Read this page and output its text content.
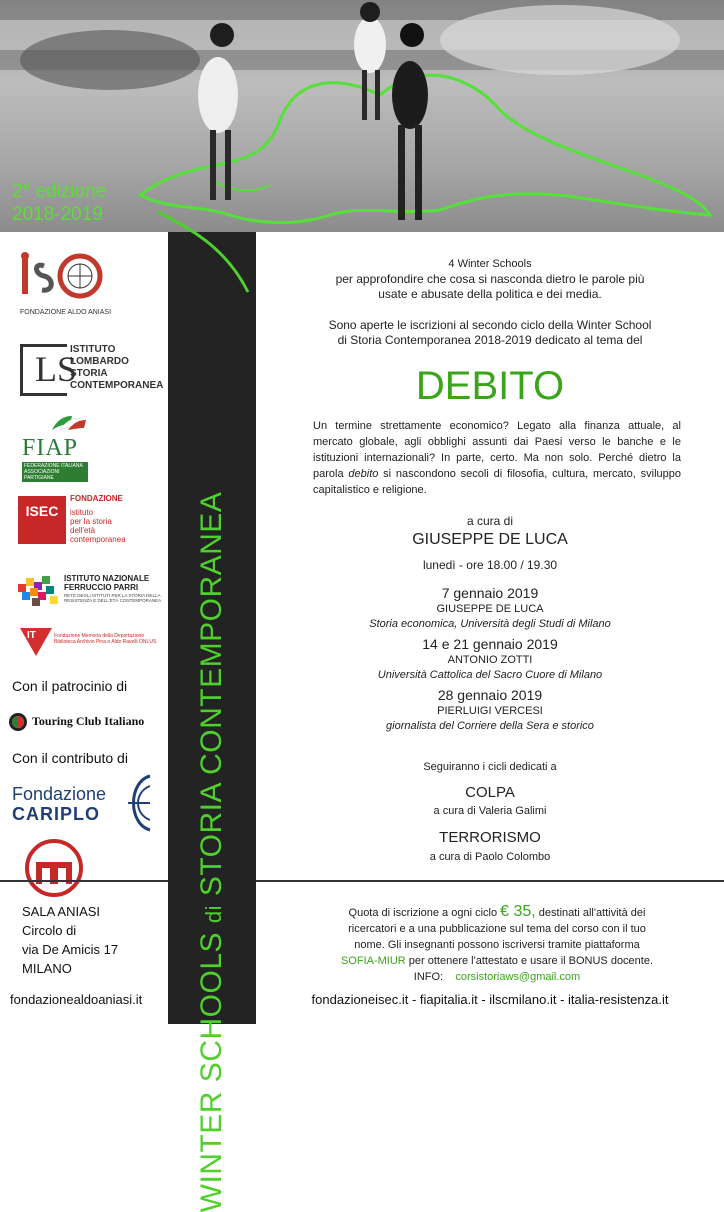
2° edizione
2018-2019
WINTER SCHOOLS di STORIA CONTEMPORANEA
FONDAZIONE ALDO ANIASI
LS
ISTITUTO
LOMBARDO
STORIA
CONTEMPORANEA
FIAP
FEDERAZIONE ITALIANA ASSOCIAZIONI PARTIGIANE
ISEC
FONDAZIONE
istituto
per la storia
dell'età
contemporanea
ISTITUTO NAZIONALE
FERRUCCIO PARRI
RETE DEGLI ISTITUTI PER LA STORIA DELLA RESISTENZA E DELL'ETÀ CONTEMPORANEA
IT	Fondazione Memoria della Deportazione
Biblioteca Archivio Pina e Aldo Ravelli ONLUS
Con il patrocinio di
Touring Club Italiano
Con il contributo di
Fondazione
CARIPLO
SALA ANIASI
Circolo di
via De Amicis 17
MILANO
fondazionealdoaniasi.it
4 Winter Schools
per approfondire che cosa si nasconda dietro le parole più
usate e abusate della politica e dei media.
Sono aperte le iscrizioni al secondo ciclo della Winter School
di Storia Contemporanea 2018-2019 dedicato al tema del
DEBITO
Un termine strettamente economico? Legato alla finanza attuale, al mercato globale, agli obblighi assunti dai Paesi verso le banche e le istituzioni internazionali? In parte, certo. Ma non solo. Perché dietro la parola debito si nascondono secoli di filosofia, cultura, mercato, sviluppo capitalistico e religione.
a cura di
GIUSEPPE DE LUCA
lunedì - ore 18.00 / 19.30
7 gennaio 2019
GIUSEPPE DE LUCA
Storia economica, Università degli Studi di Milano
14 e 21 gennaio 2019
ANTONIO ZOTTI
Università Cattolica del Sacro Cuore di Milano
28 gennaio 2019
PIERLUIGI VERCESI
giornalista del Corriere della Sera e storico
Seguiranno i cicli dedicati a
COLPA
a cura di Valeria Galimi
TERRORISMO
a cura di Paolo Colombo
Quota di iscrizione a ogni ciclo € 35, destinati all'attività dei
ricercatori e a una pubblicazione sul tema del corso con il tuo
nome. Gli insegnanti possono iscriversi tramite piattaforma
SOFIA-MIUR per ottenere l'attestato e usare il BONUS docente.
INFO: corsistoriaws@gmail.com
fondazioneisec.it - fiapitalia.it - ilscmilano.it - italia-resistenza.it
